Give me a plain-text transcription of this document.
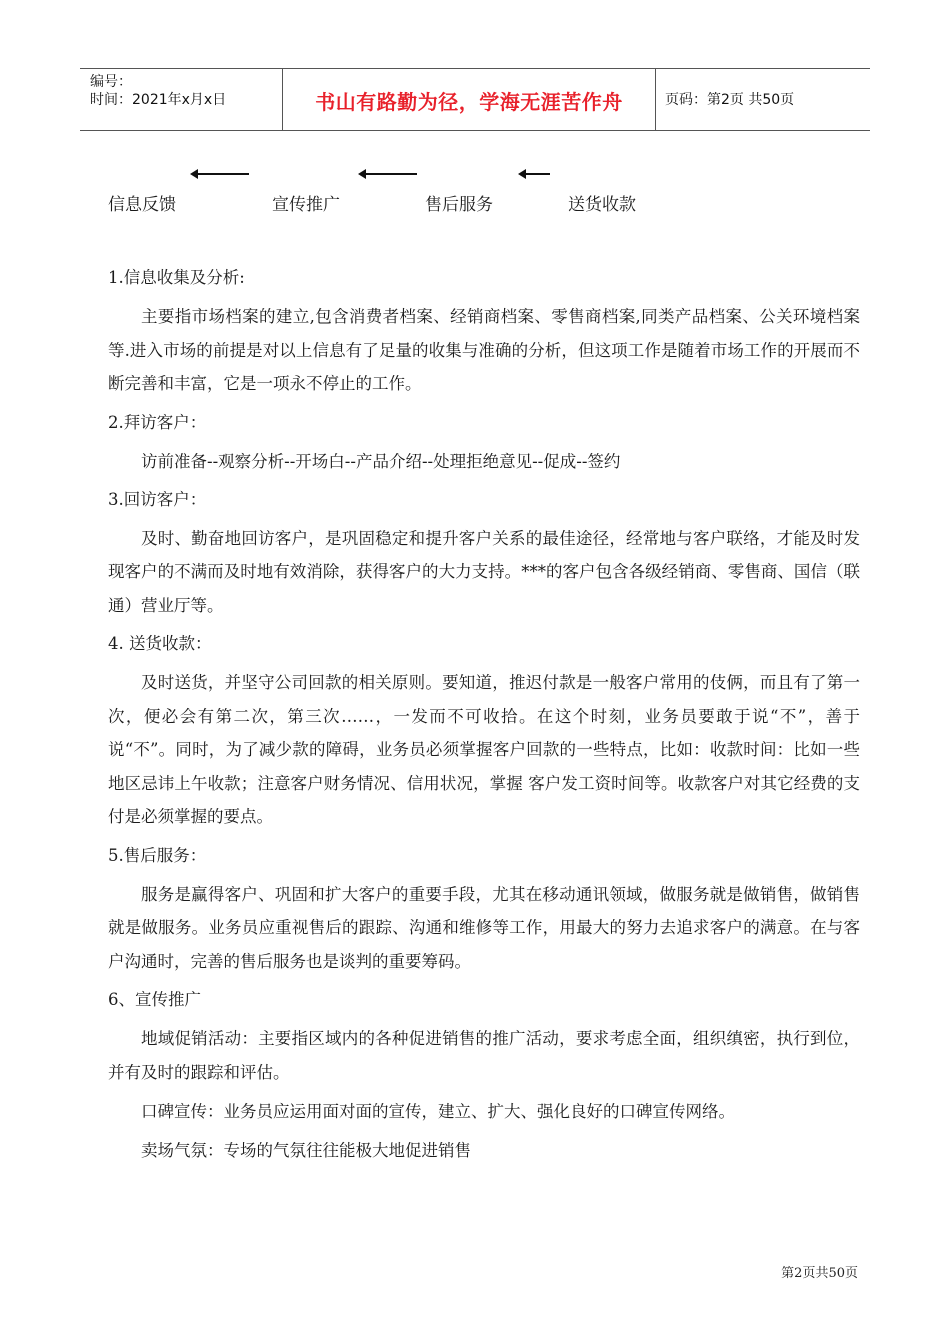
编号：
时间：2021年x月x日	书山有路勤为径，学海无涯苦作舟	页码：第2页 共50页
信息反馈	宣传推广	售后服务	送货收款
1.信息收集及分析:
主要指市场档案的建立,包含消费者档案、经销商档案、零售商档案,同类产品档案、公关环境档案等.进入市场的前提是对以上信息有了足量的收集与准确的分析，但这项工作是随着市场工作的开展而不断完善和丰富，它是一项永不停止的工作。
2.拜访客户：
访前准备--观察分析--开场白--产品介绍--处理拒绝意见--促成--签约
3.回访客户：
及时、勤奋地回访客户，是巩固稳定和提升客户关系的最佳途径，经常地与客户联络，才能及时发现客户的不满而及时地有效消除，获得客户的大力支持。***的客户包含各级经销商、零售商、国信（联通）营业厅等。
4. 送货收款：
及时送货，并坚守公司回款的相关原则。要知道，推迟付款是一般客户常用的伎俩，而且有了第一次，便必会有第二次，第三次……，一发而不可收拾。在这个时刻，业务员要敢于说“不”，善于说“不”。同时，为了减少款的障碍，业务员必须掌握客户回款的一些特点，比如：收款时间：比如一些地区忌讳上午收款；注意客户财务情况、信用状况，掌握 客户发工资时间等。收款客户对其它经费的支付是必须掌握的要点。
5.售后服务：
服务是赢得客户、巩固和扩大客户的重要手段，尤其在移动通讯领域，做服务就是做销售，做销售就是做服务。业务员应重视售后的跟踪、沟通和维修等工作，用最大的努力去追求客户的满意。在与客户沟通时，完善的售后服务也是谈判的重要筹码。
6、宣传推广
地域促销活动：主要指区域内的各种促进销售的推广活动，要求考虑全面，组织缜密，执行到位，并有及时的跟踪和评估。
口碑宣传：业务员应运用面对面的宣传，建立、扩大、强化良好的口碑宣传网络。
卖场气氛：专场的气氛往往能极大地促进销售
第2页共50页
